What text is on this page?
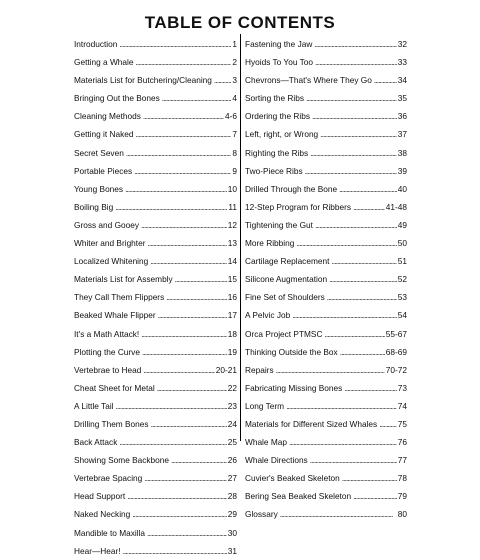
TABLE OF CONTENTS
Introduction . . .	1
Getting a Whale . . .	2
Materials List for Butchering/Cleaning . . . 3
Bringing Out the Bones . . .	4
Cleaning Methods . . .	4-6
Getting it Naked . . .	7
Secret Seven . . .	8
Portable Pieces . . .	9
Young Bones . . .	10
Boiling Big . . .	11
Gross and Gooey . . .	12
Whiter and Brighter . . .	13
Localized Whitening . . .	14
Materials List for Assembly . . .	15
They Call Them Flippers . . .	16
Beaked Whale Flipper . . .	17
It's a Math Attack! . . .	18
Plotting the Curve . . .	19
Vertebrae to Head . . .	20-21
Cheat Sheet for Metal . . .	22
A Little Tail . . .	23
Drilling Them Bones . . .	24
Back Attack . . .	25
Showing Some Backbone . . .	26
Vertebrae Spacing . . .	27
Head Support . . .	28
Naked Necking . . .	29
Mandible to Maxilla . . .	30
Hear—Hear! . . .	31
Fastening the Jaw . . .	32
Hyoids To You Too . . .	33
Chevrons—That's Where They Go . . .	34
Sorting the Ribs . . .	35
Ordering the Ribs . . .	36
Left, right, or Wrong . . .	37
Righting the Ribs . . .	38
Two-Piece Ribs . . .	39
Drilled Through the Bone . . .	40
12-Step Program for Ribbers . . .	41-48
Tightening the Gut . . .	49
More Ribbing . . .	50
Cartilage Replacement . . .	51
Silicone Augmentation . . .	52
Fine Set of Shoulders . . .	53
A Pelvic Job . . .	54
Orca Project PTMSC . . .	55-67
Thinking Outside the Box . . .	68-69
Repairs . . .	70-72
Fabricating Missing Bones . . .	73
Long Term . . .	74
Materials for Different Sized Whales . . . 75
Whale Map . . .	76
Whale Directions . . .	77
Cuvier's Beaked Skeleton . . .	78
Bering Sea Beaked Skeleton . . .	79
Glossary . . .	80
